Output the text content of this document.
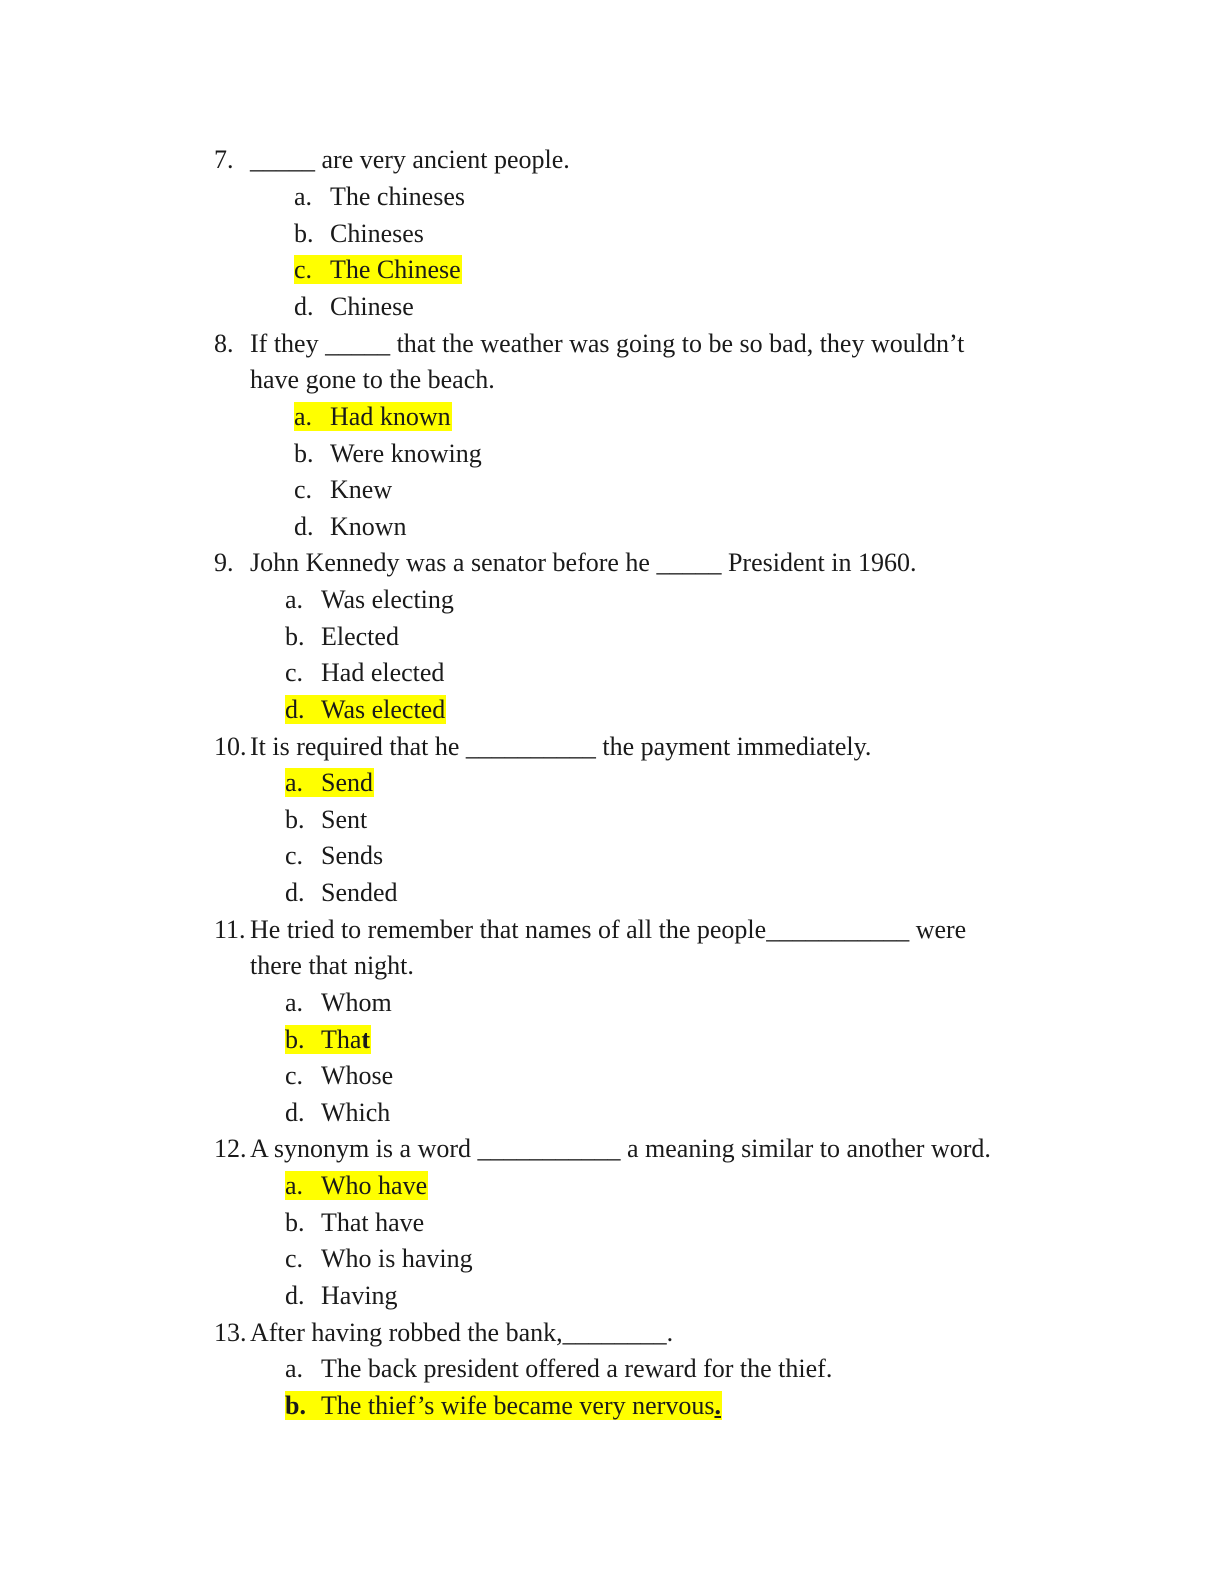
7. _____ are very ancient people.
a. The chineses
b. Chineses
c. The Chinese
d. Chinese
8. If they _____ that the weather was going to be so bad, they wouldn’t
have gone to the beach.
a. Had known
b. Were knowing
c. Knew
d. Known
9. John Kennedy was a senator before he _____ President in 1960.
a. Was electing
b. Elected
c. Had elected
d. Was elected
10. It is required that he __________ the payment immediately.
a. Send
b. Sent
c. Sends
d. Sended
11. He tried to remember that names of all the people___________ were
there that night.
a. Whom
b. That
c. Whose
d. Which
12. A synonym is a word ___________ a meaning similar to another word.
a. Who have
b. That have
c. Who is having
d. Having
13. After having robbed the bank,________.
a. The back president offered a reward for the thief.
b. The thief’s wife became very nervous.
